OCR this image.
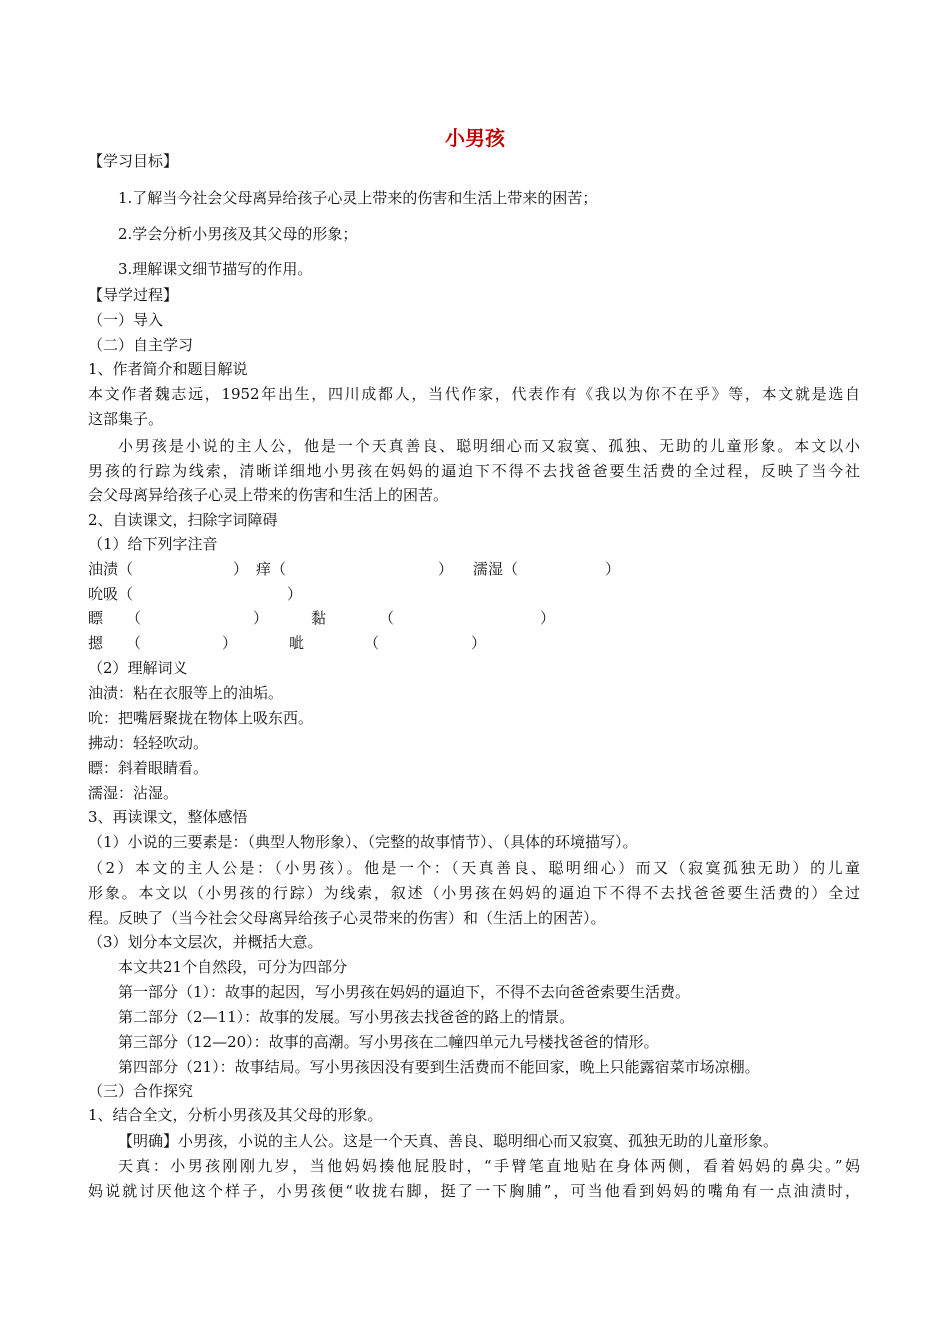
小男孩
【学习目标】
1.了解当今社会父母离异给孩子心灵上带来的伤害和生活上带来的困苦；
2.学会分析小男孩及其父母的形象；
3.理解课文细节描写的作用。
【导学过程】
（一）导入
（二）自主学习
1、作者简介和题目解说
本文作者魏志远，1952年出生，四川成都人，当代作家，代表作有《我以为你不在乎》等，本文就是选自
这部集子。
小男孩是小说的主人公，他是一个天真善良、聪明细心而又寂寞、孤独、无助的儿童形象。本文以小
男孩的行踪为线索，清晰详细地小男孩在妈妈的逼迫下不得不去找爸爸要生活费的全过程，反映了当今社
会父母离异给孩子心灵上带来的伤害和生活上的困苦。
2、自读课文，扫除字词障碍
（1）给下列字注音
油渍（	） 痒（	） 濡湿（	）
吮吸（	）
瞟 （	）	黏	（	）
摁 （	）	呲	（	）
（2）理解词义
油渍：粘在衣服等上的油垢。
吮：把嘴唇聚拢在物体上吸东西。
拂动：轻轻吹动。
瞟：斜着眼睛看。
濡湿：沾湿。
3、再读课文，整体感悟
（1）小说的三要素是：（典型人物形象）、（完整的故事情节）、（具体的环境描写）。
（2）本文的主人公是：（小男孩）。他是一个：（天真善良、聪明细心）而又（寂寞孤独无助）的儿童
形象。本文以（小男孩的行踪）为线索，叙述（小男孩在妈妈的逼迫下不得不去找爸爸要生活费的）全过
程。反映了（当今社会父母离异给孩子心灵带来的伤害）和（生活上的困苦）。
（3）划分本文层次，并概括大意。
本文共21个自然段，可分为四部分
第一部分（1）：故事的起因，写小男孩在妈妈的逼迫下，不得不去向爸爸索要生活费。
第二部分（2—11）：故事的发展。写小男孩去找爸爸的路上的情景。
第三部分（12—20）：故事的高潮。写小男孩在二幢四单元九号楼找爸爸的情形。
第四部分（21）：故事结局。写小男孩因没有要到生活费而不能回家，晚上只能露宿菜市场凉棚。
（三）合作探究
1、结合全文，分析小男孩及其父母的形象。
【明确】小男孩，小说的主人公。这是一个天真、善良、聪明细心而又寂寞、孤独无助的儿童形象。
天真：小男孩刚刚九岁，当他妈妈揍他屁股时，“手臂笔直地贴在身体两侧，看着妈妈的鼻尖。”妈
妈说就讨厌他这个样子，小男孩便“收拢右脚，挺了一下胸脯”，可当他看到妈妈的嘴角有一点油渍时，
